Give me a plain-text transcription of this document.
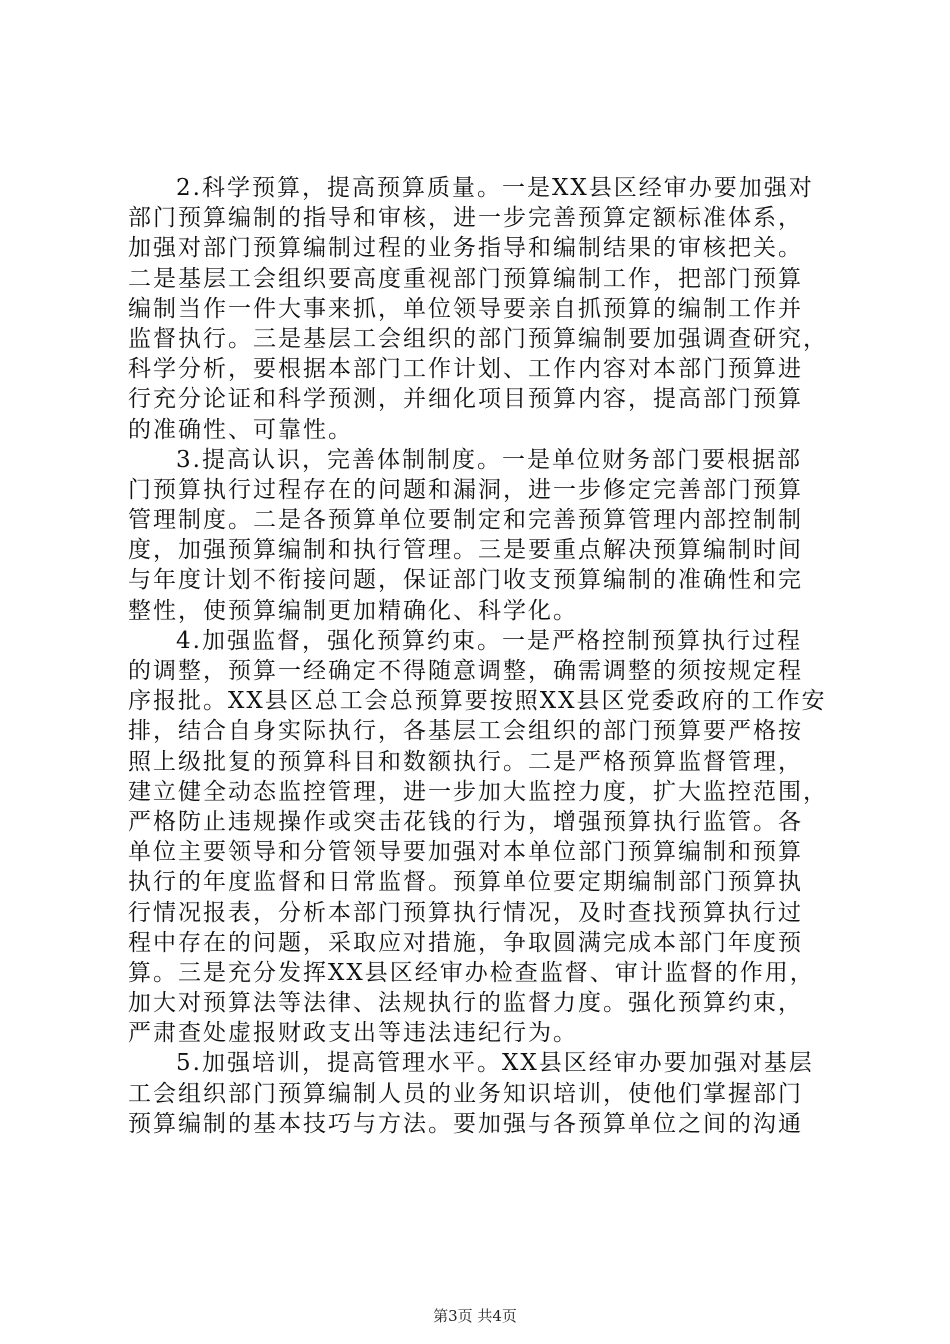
2.科学预算，提高预算质量。一是XX县区经审办要加强对
部门预算编制的指导和审核，进一步完善预算定额标准体系，
加强对部门预算编制过程的业务指导和编制结果的审核把关。
二是基层工会组织要高度重视部门预算编制工作，把部门预算
编制当作一件大事来抓，单位领导要亲自抓预算的编制工作并
监督执行。三是基层工会组织的部门预算编制要加强调查研究，
科学分析，要根据本部门工作计划、工作内容对本部门预算进
行充分论证和科学预测，并细化项目预算内容，提高部门预算
的准确性、可靠性。
3.提高认识，完善体制制度。一是单位财务部门要根据部
门预算执行过程存在的问题和漏洞，进一步修定完善部门预算
管理制度。二是各预算单位要制定和完善预算管理内部控制制
度，加强预算编制和执行管理。三是要重点解决预算编制时间
与年度计划不衔接问题，保证部门收支预算编制的准确性和完
整性，使预算编制更加精确化、科学化。
4.加强监督，强化预算约束。一是严格控制预算执行过程
的调整，预算一经确定不得随意调整，确需调整的须按规定程
序报批。XX县区总工会总预算要按照XX县区党委政府的工作安
排，结合自身实际执行，各基层工会组织的部门预算要严格按
照上级批复的预算科目和数额执行。二是严格预算监督管理，
建立健全动态监控管理，进一步加大监控力度，扩大监控范围，
严格防止违规操作或突击花钱的行为，增强预算执行监管。各
单位主要领导和分管领导要加强对本单位部门预算编制和预算
执行的年度监督和日常监督。预算单位要定期编制部门预算执
行情况报表，分析本部门预算执行情况，及时查找预算执行过
程中存在的问题，采取应对措施，争取圆满完成本部门年度预
算。三是充分发挥XX县区经审办检查监督、审计监督的作用，
加大对预算法等法律、法规执行的监督力度。强化预算约束，
严肃查处虚报财政支出等违法违纪行为。
5.加强培训，提高管理水平。XX县区经审办要加强对基层
工会组织部门预算编制人员的业务知识培训，使他们掌握部门
预算编制的基本技巧与方法。要加强与各预算单位之间的沟通
第3页 共4页
